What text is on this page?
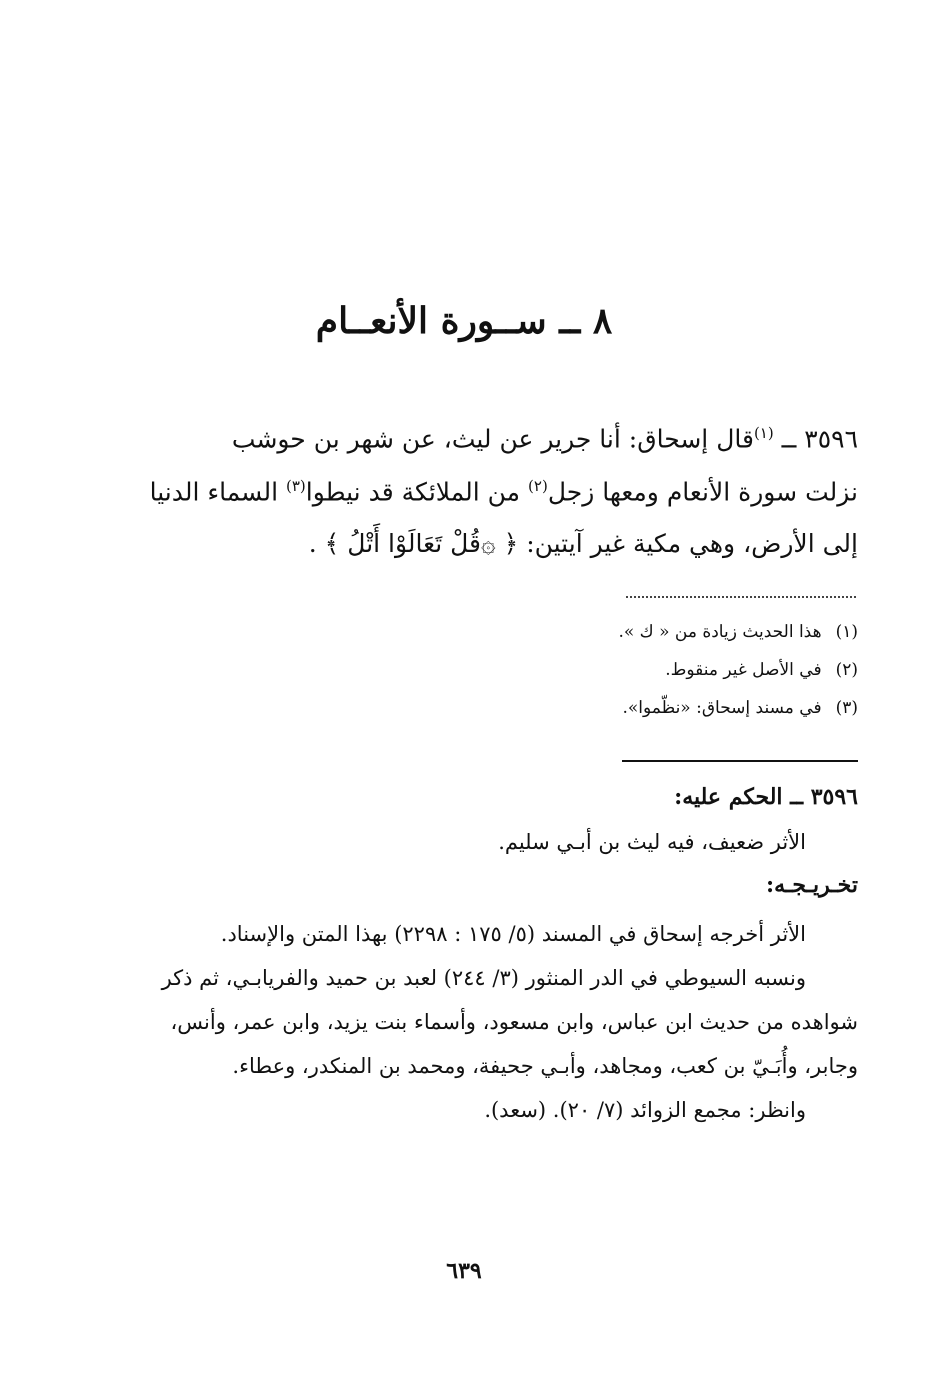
٨ ــ ســورة الأنعــام
٣٥٩٦ ــ $^{(١)}$قال إسحاق: أنا جرير عن ليث، عن شهر بن حوشب
نزلت سورة الأنعام ومعها زجل$^{(٢)}$ من الملائكة قد نيطوا$^{(٣)}$ السماء الدنيا
إلى الأرض، وهي مكية غير آيتين: ﴿ ۞قُلْ تَعَالَوْا أَتْلُ ﴾ .
(١)هذا الحديث زيادة من « ك ».
(٢)في الأصل غير منقوط.
(٣)في مسند إسحاق: «نظّموا».
٣٥٩٦ ــ الحكم عليه:
الأثر ضعيف، فيه ليث بن أبـي سليم.
تخـريـجـه:
الأثر أخرجه إسحاق في المسند (٥/ ١٧٥ : ٢٢٩٨) بهذا المتن والإسناد.
ونسبه السيوطي في الدر المنثور (٣/ ٢٤٤) لعبد بن حميد والفريابـي، ثم ذكر
شواهده من حديث ابن عباس، وابن مسعود، وأسماء بنت يزيد، وابن عمر، وأنس،
وجابر، وأُبَـيّ بن كعب، ومجاهد، وأبـي جحيفة، ومحمد بن المنكدر، وعطاء.
وانظر: مجمع الزوائد (٧/ ٢٠). (سعد).
٦٣٩
